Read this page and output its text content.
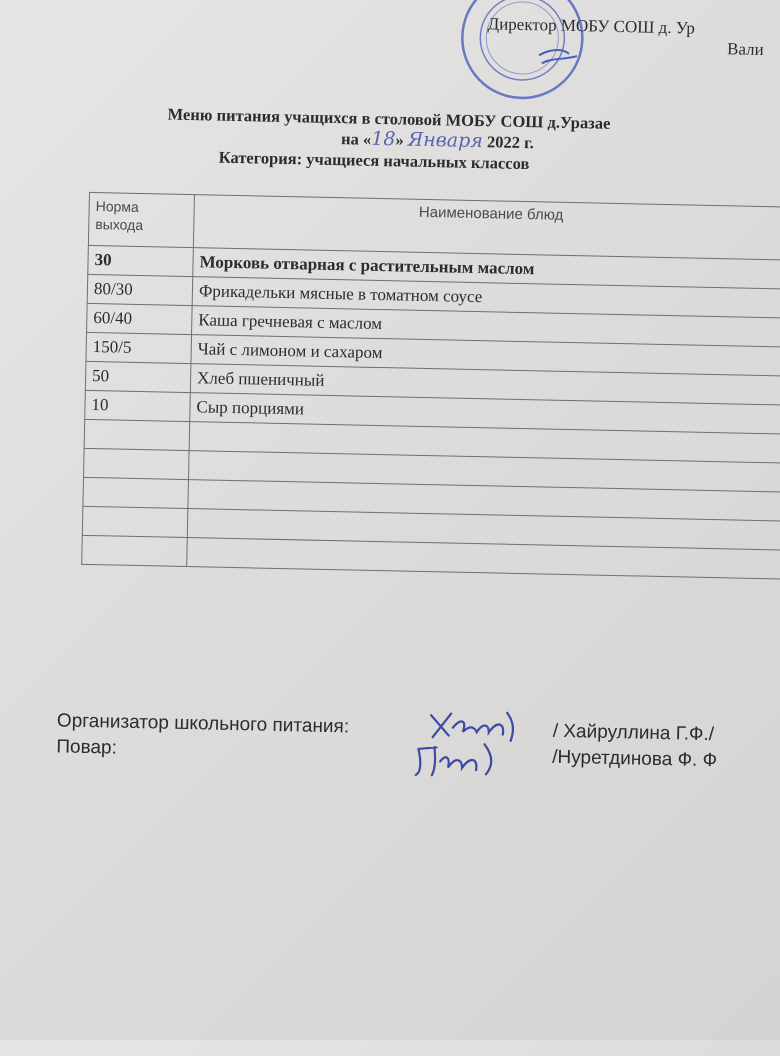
Директор МОБУ СОШ д. Ур
Вали
Меню питания учащихся в столовой МОБУ СОШ д.Уразае
на «18» Января 2022 г.
Категория: учащиеся начальных классов
Норма выхода	Наименование блюд
30	Морковь отварная с растительным маслом
80/30	Фрикадельки мясные в томатном соусе
60/40	Каша гречневая с маслом
150/5	Чай с лимоном и сахаром
50	Хлеб пшеничный
10	Сыр порциями

Организатор школьного питания:	/ Хайруллина Г.Ф./
Повар:	/Нуретдинова Ф. Ф
